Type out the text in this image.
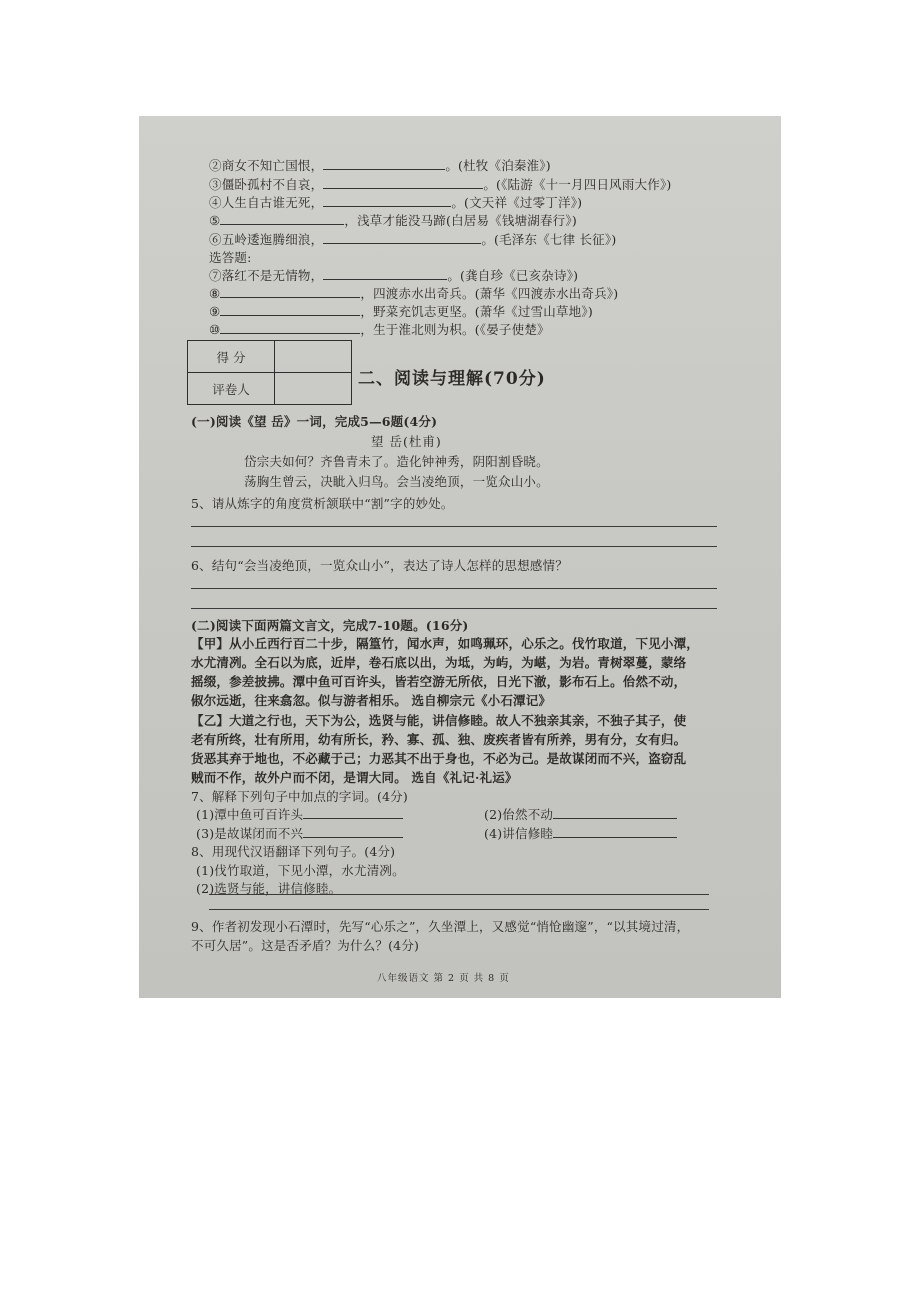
②商女不知亡国恨，	。(杜牧《泊秦淮》)
③僵卧孤村不自哀，	。(《陆游《十一月四日风雨大作》)
④人生自古谁无死，	。(文天祥《过零丁洋》)
⑤	，浅草才能没马蹄(白居易《钱塘湖春行》)
⑥五岭逶迤腾细浪，	。(毛泽东《七律 长征》)
选答题:
⑦落红不是无情物，	。(龚自珍《已亥杂诗》)
⑧	，四渡赤水出奇兵。(萧华《四渡赤水出奇兵》)
⑨	，野菜充饥志更坚。(萧华《过雪山草地》)
⑩	，生于淮北则为枳。(《晏子使楚》
得 分	
评卷人		二、阅读与理解(70分)
(一)阅读《望 岳》一词，完成5—6题(4分)
望 岳(杜甫)
岱宗夫如何？齐鲁青未了。造化钟神秀，阴阳割昏晓。
荡胸生曾云，决眦入归鸟。会当凌绝顶，一览众山小。
5、请从炼字的角度赏析颔联中“割”字的妙处。
6、结句“会当凌绝顶，一览众山小”，表达了诗人怎样的思想感情？
(二)阅读下面两篇文言文，完成7-10题。(16分)
【甲】从小丘西行百二十步，隔篁竹，闻水声，如鸣珮环，心乐之。伐竹取道，下见小潭，
水尤清冽。全石以为底，近岸，卷石底以出，为坻，为屿，为嵁，为岩。青树翠蔓，蒙络
摇缀，参差披拂。潭中鱼可百许头，皆若空游无所依，日光下澈，影布石上。佁然不动，
俶尔远逝，往来翕忽。似与游者相乐。 选自柳宗元《小石潭记》
【乙】大道之行也，天下为公，选贤与能，讲信修睦。故人不独亲其亲，不独子其子，使
老有所终，壮有所用，幼有所长，矜、寡、孤、独、废疾者皆有所养，男有分，女有归。
货恶其弃于地也，不必藏于己；力恶其不出于身也，不必为己。是故谋闭而不兴，盗窃乱
贼而不作，故外户而不闭，是谓大同。 选自《礼记·礼运》
7、解释下列句子中加点的字词。(4分)
(1)潭中鱼可百许头	(2)佁然不动
(3)是故谋闭而不兴	(4)讲信修睦
8、用现代汉语翻译下列句子。(4分)
(1)伐竹取道，下见小潭，水尤清冽。
(2)选贤与能，讲信修睦。
9、作者初发现小石潭时，先写“心乐之”，久坐潭上，又感觉“悄怆幽邃”，“以其境过清，
不可久居”。这是否矛盾？为什么？(4分)
八年级语文 第 2 页 共 8 页
